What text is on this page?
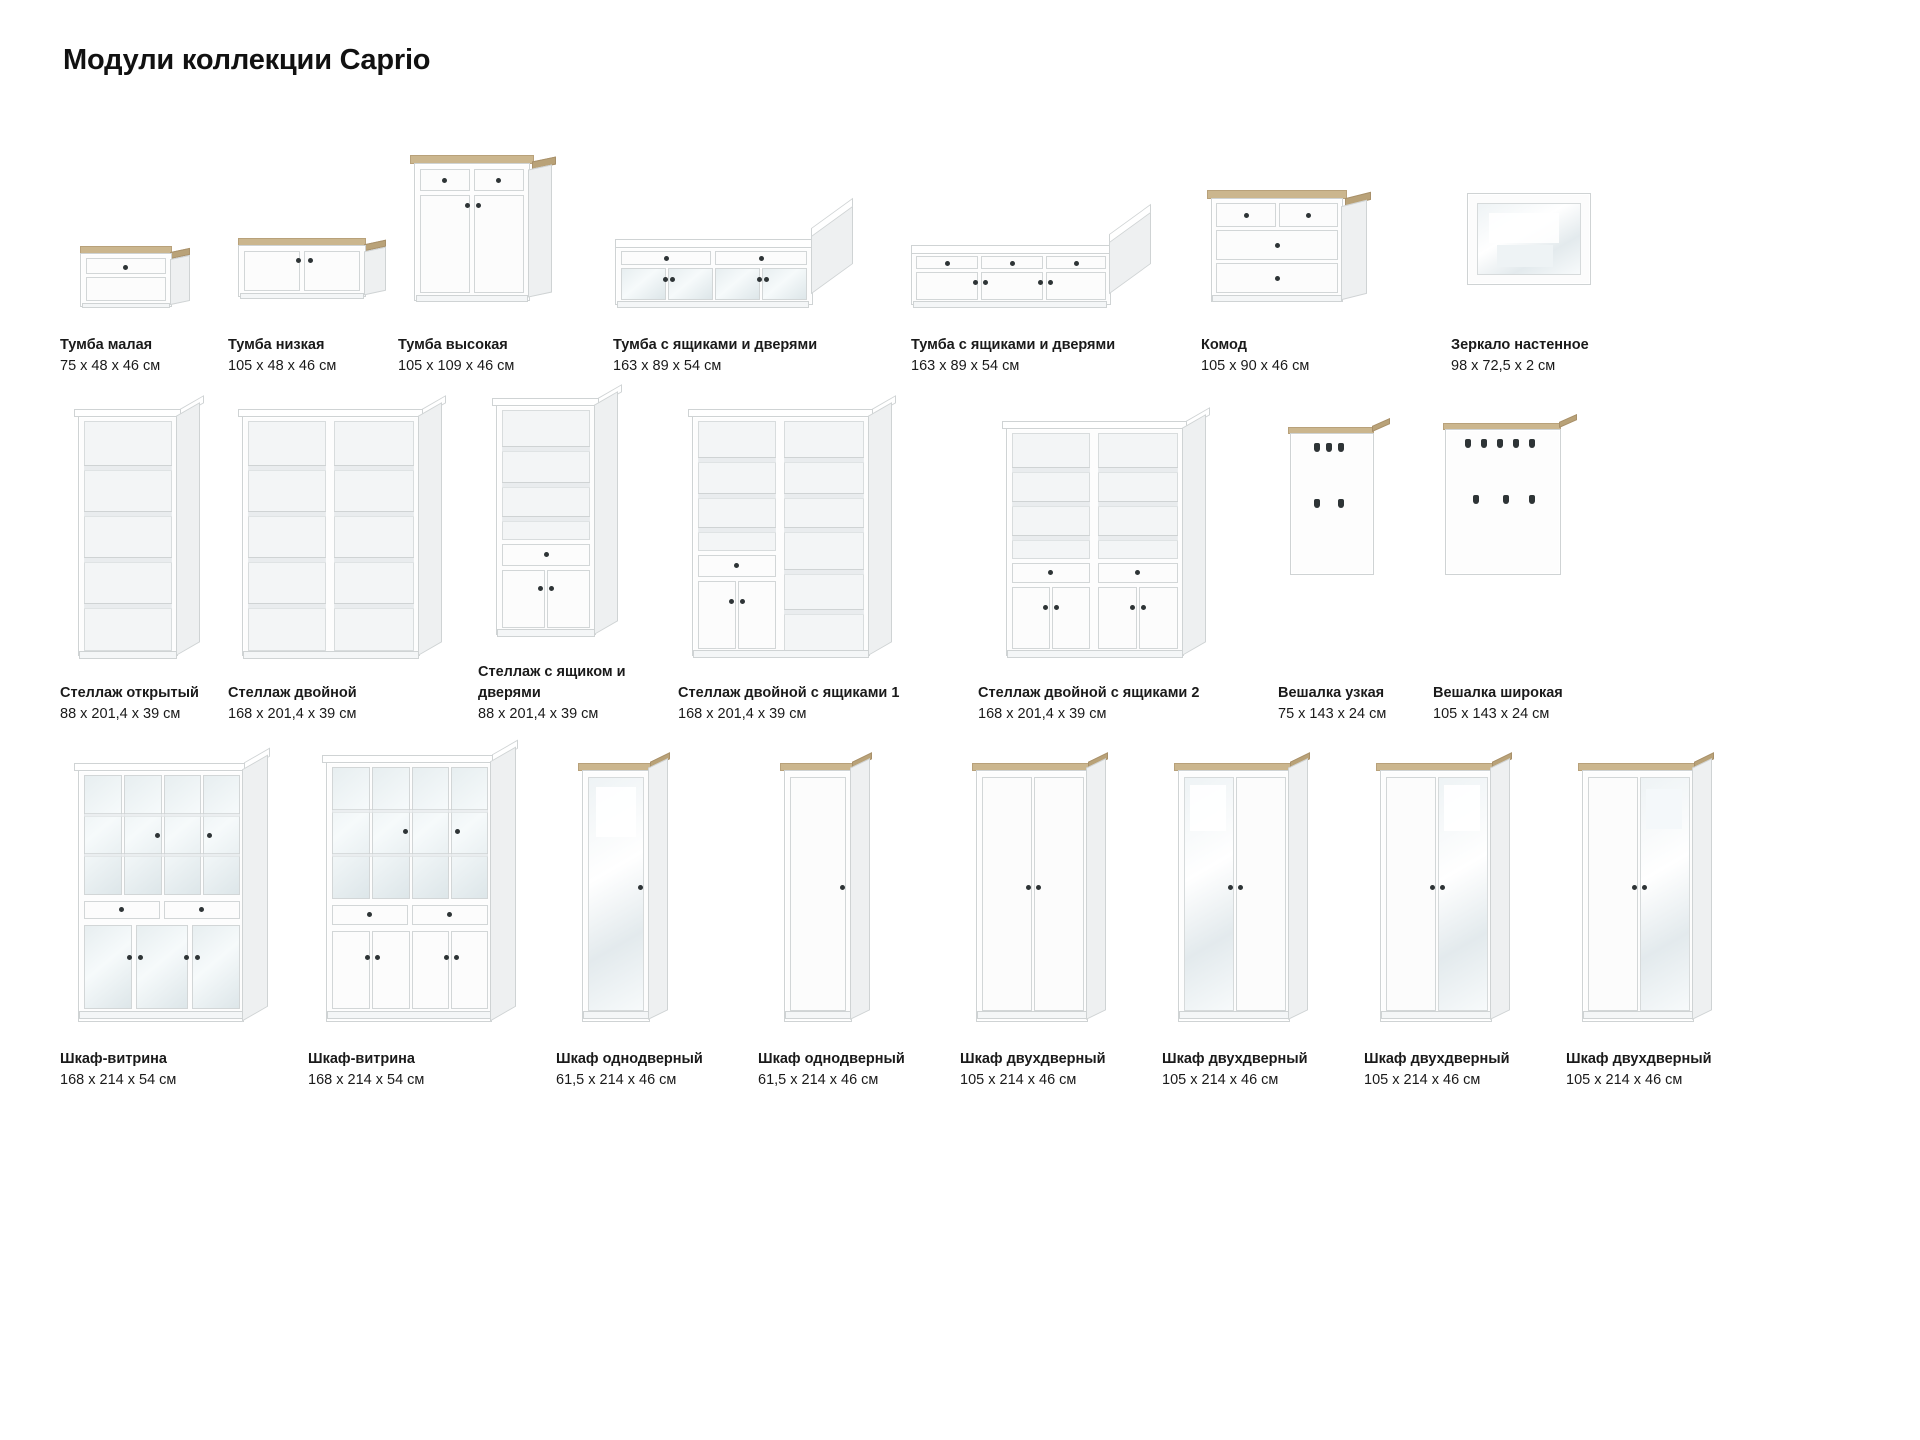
Модули коллекции Caprio
Тумба малая
75 x 48 x 46 см
Тумба низкая
105 x 48 x 46 см
Тумба высокая
105 x 109 x 46 см
Тумба с ящиками и дверями
163 x 89 x 54 см
Тумба с ящиками и дверями
163 x 89 x 54 см
Комод
105 x 90 x 46 см
Зеркало настенное
98 x 72,5 x 2 см
Стеллаж открытый
88 x 201,4 x 39 см
Стеллаж двойной
168 x 201,4 x 39 см
Стеллаж с ящиком и дверями
88 x 201,4 x 39 см
Стеллаж двойной с ящиками 1
168 x 201,4 x 39 см
Стеллаж двойной с ящиками 2
168 x 201,4 x 39 см
Вешалка узкая
75 x 143 x 24 см
Вешалка широкая
105 x 143 x 24 см
Шкаф-витрина
168 x 214 x 54 см
Шкаф-витрина
168 x 214 x 54 см
Шкаф однодверный
61,5 x 214 x 46 см
Шкаф однодверный
61,5 x 214 x 46 см
Шкаф двухдверный
105 x 214 x 46 см
Шкаф двухдверный
105 x 214 x 46 см
Шкаф двухдверный
105 x 214 x 46 см
Шкаф двухдверный
105 x 214 x 46 см
